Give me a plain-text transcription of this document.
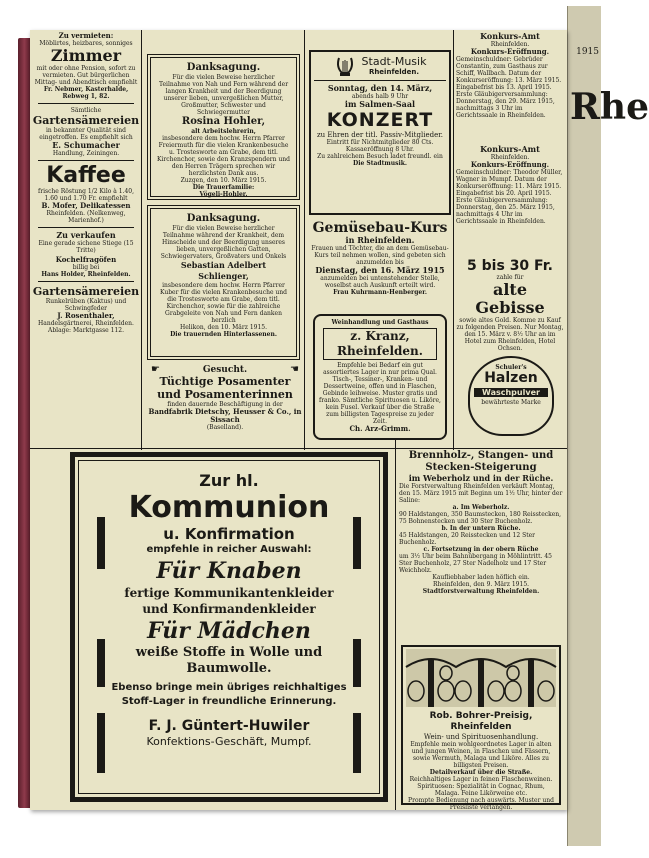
1915
Rhe
Zu vermieten:
Möblirtes, heizbares, sonniges
Zimmer
mit oder ohne Pension, sofort zu vermieten. Gut bürgerlichen Mittag- und Abendtisch empfiehlt
Fr. Nebmer, Kasterhalde, Rebweg 1, 82.
Sämtliche
Gartensämereien
in bekannter Qualität sind eingetroffen. Es empfiehlt sich
E. Schumacher
Handlung, Zeiningen.
Kaffee
frische Röstung 1/2 Kilo à 1.40, 1.60 und 1.70 Fr. empfiehlt
B. Mofer, Delikatessen
Rheinfelden. (Nelkenweg, Marienhof.)
Zu verkaufen
Eine gerade sichene Stiege (15 Tritte)
Kochelfragöfen
billig bei
Hans Holder, Rheinfelden.
Gartensämereien
Runkelrüben (Kaktus) und Schwingfeder
J. Rosenthaler,
Handelsgärtnerei, Rheinfelden. Ablage: Marktgasse 112.
Danksagung.
Für die vielen Beweise herzlicher Teilnahme von Nah und Fern während der langen Krankheit und der Beerdigung unserer lieben, unvergeßlichen Mutter, Großmutter, Schwester und Schwiegermutter
Rosina Hohler,
alt Arbeitslehrerin,
insbesondere dem hochw. Herrn Pfarrer Freiermuth für die vielen Krankenbesuche u. Trostesworte am Grabe, dem titl. Kirchenchor, sowie den Kranzspendern und den Herren Trägern sprechen wir herzlichsten Dank aus.
Zuzgen, den 10. März 1915.
Die Trauerfamilie:
Vögeli-Hohler.
Danksagung.
Für die vielen Beweise herzlicher Teilnahme während der Krankheit, dem Hinscheide und der Beerdigung unseres lieben, unvergeßlichen Gatten, Schwiegervaters, Großvaters und Onkels
Sebastian Adelbert Schlienger,
insbesondere dem hochw. Herrn Pfarrer Kuber für die vielen Krankenbesuche und die Trostesworte am Grabe, dem titl. Kirchenchor, sowie für die zahlreiche Grabgeleite von Nah und Fern danken herzlich
Helikon, den 10. März 1915.
Die trauernden Hinterlassenen.
Stadt-Musik
Rheinfelden.
Sonntag, den 14. März,
abends halb 9 Uhr
im Salmen-Saal
KONZERT
zu Ehren der titl. Passiv-Mitglieder.
Eintritt für Nichtmitglieder 80 Cts.
Kassaeröffnung 8 Uhr.
Zu zahlreichem Besuch ladet freundl. ein
Die Stadtmusik.
Gemüsebau-Kurs
in Rheinfelden.
Frauen und Töchter, die an dem Gemüsebau-Kurs teil nehmen wollen, sind gebeten sich anzumelden bis
Dienstag, den 16. März 1915
anzumelden bei untenstehender Stelle, woselbst auch Auskunft erteilt wird.
Frau Kuhrmann-Henberger.
Weinhandlung und Gasthaus
z. Kranz, Rheinfelden.
Empfehle bei Bedarf ein gut assortiertes Lager in nur prima Qual. Tisch-, Tessiner-, Kranken- und Dessertweine, offen und in Flaschen, Gebinde leihweise. Muster gratis und franko. Sämtliche Spirituosen u. Liköre, kein Fusel. Verkauf über die Straße zum billigsten Tagespreise zu jeder Zeit.
Ch. Arz-Grimm.
☛	Gesucht.	☚
Tüchtige Posamenter
und Posamenterinnen
finden dauernde Beschäftigung in der
Bandfabrik Dietschy, Heusser & Co., in Sissach
(Baselland).
Konkurs-Amt
Rheinfelden.
Konkurs-Eröffnung.
Gemeinschuldner: Gebrüder Constantin, zum Gasthaus zur Schiff, Wallbach. Datum der Konkurseröffnung: 13. März 1915. Eingabefrist bis 13. April 1915.
Erste Gläubigerversammlung: Donnerstag, den 29. März 1915, nachmittags 3 Uhr im Gerichtssaale in Rheinfelden.
Konkurs-Amt
Rheinfelden.
Konkurs-Eröffnung.
Gemeinschuldner: Theodor Müller, Wagner in Mumpf. Datum der Konkurseröffnung: 11. März 1915. Eingabefrist bis 20. April 1915.
Erste Gläubigerversammlung: Donnerstag, den 25. März 1915, nachmittags 4 Uhr im Gerichtssaale in Rheinfelden.
5 bis 30 Fr.
zahle für
alte Gebisse
sowie altes Gold. Komme zu Kauf zu folgenden Preisen. Nur Montag, den 15. März v. 8½ Uhr an im Hotel zum Rheinfelden, Hotel Ochsen.
Schuler's
Halzen
Waschpulver
bewährteste Marke
Zur hl.
Kommunion
u. Konfirmation
empfehle in reicher Auswahl:
Für Knaben
fertige Kommunikantenkleider und Konfirmandenkleider
Für Mädchen
weiße Stoffe in Wolle und Baumwolle.
Ebenso bringe mein übriges reichhaltiges Stoff-Lager in freundliche Erinnerung.
F. J. Güntert-Huwiler
Konfektions-Geschäft, Mumpf.
Brennholz-, Stangen- und Stecken-Steigerung
im Weberholz und in der Rüche.
Die Forstverwaltung Rheinfelden verkäuft Montag, den 15. März 1915 mit Beginn um 1½ Uhr, hinter der Saline:
a. Im Weberholz.
90 Haldstangen, 350 Baumstecken, 180 Reisstecken, 75 Bohnenstecken und 30 Ster Buchenholz.
b. In der untern Rüche.
45 Haldstangen, 20 Reisstecken und 12 Ster Buchenholz.
c. Fortsetzung in der obern Rüche
um 3½ Uhr beim Bahnübergang in Möhlintritt. 45 Ster Buchenholz, 27 Ster Nadelholz und 17 Ster Weichholz.
Kaufliebhaber laden höflich ein.
Rheinfelden, den 9. März 1915.
Stadtforstverwaltung Rheinfelden.
Rob. Bohrer-Preisig, Rheinfelden
Wein- und Spirituosenhandlung.
Empfehle mein wohlgeordnetes Lager in alten und jungen Weinen, in Flaschen und Fässern, sowie Wermuth, Malaga und Liköre. Alles zu billigsten Preisen.
Detailverkauf über die Straße.
Reichhaltiges Lager in feinen Flaschenweinen.
Spirituosen: Spezialität in Cognac, Rhum, Malaga. Feine Likörweine etc.
Prompte Bedienung nach auswärts. Muster und Preisliste verlangen.
